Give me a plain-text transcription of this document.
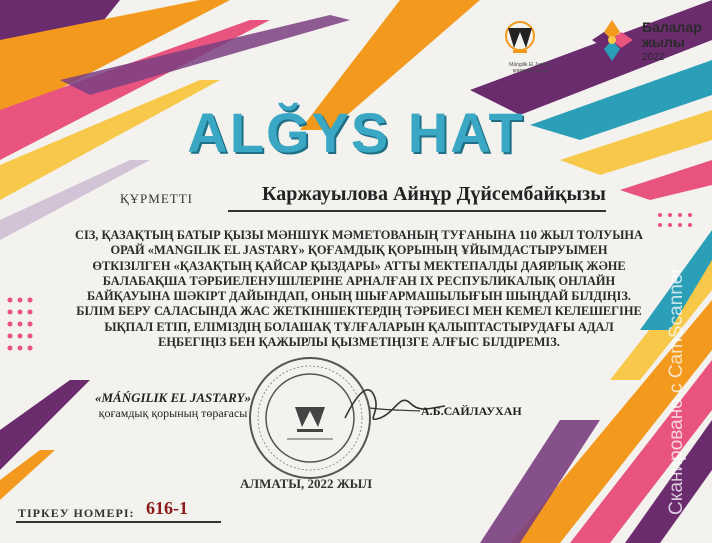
Máńgilik El Jastary
қоғамдық қоры
Балалар
жылы
2022
ALĞYS HAT
ҚҰРМЕТТІ	Каржауылова Айнұр Дүйсембайқызы
СІЗ, ҚАЗАҚТЫҢ БАТЫР ҚЫЗЫ МӘНШҮК МӘМЕТОВАНЫҢ ТУҒАНЫНА 110 ЖЫЛ ТОЛУЫНА ОРАЙ «MANGILIK EL JASTARY» ҚОҒАМДЫҚ ҚОРЫНЫҢ ҰЙЫМДАСТЫРУЫМЕН ӨТКІЗІЛГЕН «ҚАЗАҚТЫҢ ҚАЙСАР ҚЫЗДАРЫ» АТТЫ МЕКТЕПАЛДЫ ДАЯРЛЫҚ ЖӘНЕ БАЛАБАҚША ТӘРБИЕЛЕНУШІЛЕРІНЕ АРНАЛҒАН IX РЕСПУБЛИКАЛЫҚ ОНЛАЙН БАЙҚАУЫНА ШӘКІРТ ДАЙЫНДАП, ОНЫҢ ШЫҒАРМАШЫЛЫҒЫН ШЫҢДАЙ БІЛДІҢІЗ. БІЛІМ БЕРУ САЛАСЫНДА ЖАС ЖЕТКІНШЕКТЕРДІҢ ТӘРБИЕСІ МЕН КЕМЕЛ КЕЛЕШЕГІНЕ ЫҚПАЛ ЕТІП, ЕЛІМІЗДІҢ БОЛАШАҚ ТҰЛҒАЛАРЫН ҚАЛЫПТАСТЫРУДАҒЫ АДАЛ ЕҢБЕГІҢІЗ БЕН ҚАЖЫРЛЫ ҚЫЗМЕТІҢІЗГЕ АЛҒЫС БІЛДІРЕМІЗ.
«MÁŃGILIK EL JASTARY»
қоғамдық қорының төрағасы	А.Б.САЙЛАУХАН
АЛМАТЫ, 2022 ЖЫЛ
ТІРКЕУ НОМЕРІ: 616-1	Сканировано с CamScanner
